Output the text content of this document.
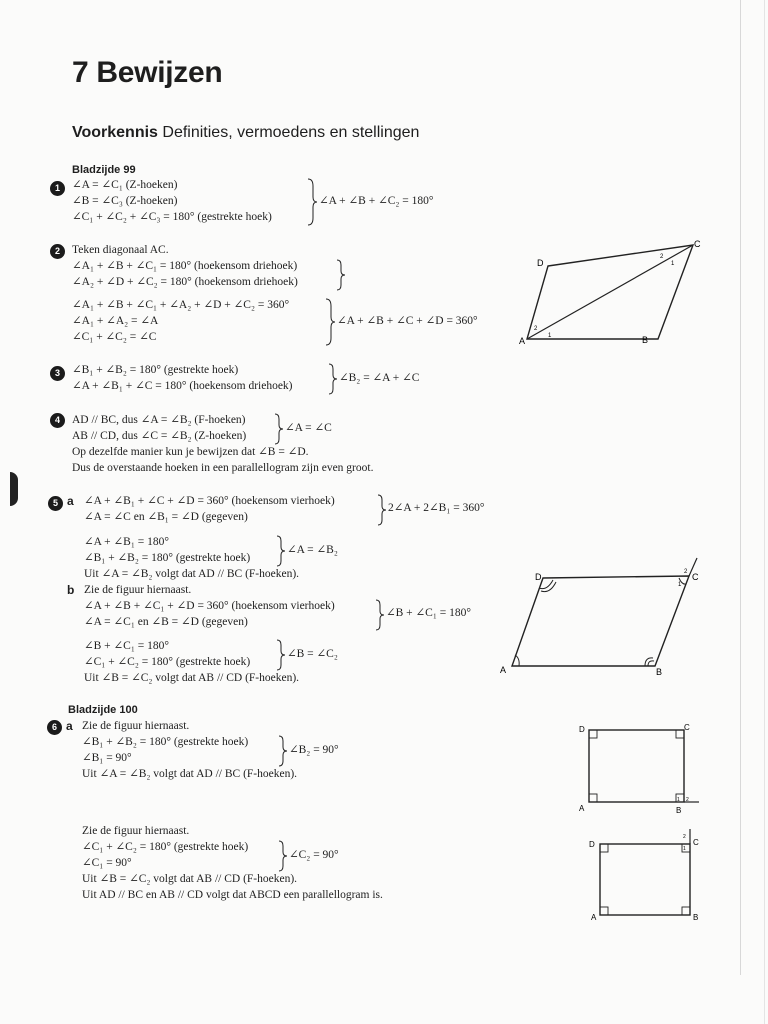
7 Bewijzen
Voorkennis Definities, vermoedens en stellingen
Bladzijde 99
1	∠A = ∠C₁ (Z-hoeken)
∠B = ∠C₃ (Z-hoeken)
∠C₁ + ∠C₂ + ∠C₃ = 180° (gestrekte hoek)
∠A + ∠B + ∠C₂ = 180°
2	Teken diagonaal AC.
∠A₁ + ∠B + ∠C₁ = 180° (hoekensom driehoek)
∠A₂ + ∠D + ∠C₂ = 180° (hoekensom driehoek)
∠A₁ + ∠B + ∠C₁ + ∠A₂ + ∠D + ∠C₂ = 360°
∠A₁ + ∠A₂ = ∠A
∠C₁ + ∠C₂ = ∠C
∠A + ∠B + ∠C + ∠D = 360°
D
C
A	B
2
1
2
1
3	∠B₁ + ∠B₂ = 180° (gestrekte hoek)
∠A + ∠B₁ + ∠C = 180° (hoekensom driehoek)
∠B₂ = ∠A + ∠C
4	AD // BC, dus ∠A = ∠B₂ (F-hoeken)
AB // CD, dus ∠C = ∠B₂ (Z-hoeken)
∠A = ∠C
Op dezelfde manier kun je bewijzen dat ∠B = ∠D.
Dus de overstaande hoeken in een parallellogram zijn even groot.
5 a ∠A + ∠B₁ + ∠C + ∠D = 360° (hoekensom vierhoek)
∠A = ∠C en ∠B₁ = ∠D (gegeven)
2∠A + 2∠B₁ = 360°
∠A + ∠B₁ = 180°
∠B₁ + ∠B₂ = 180° (gestrekte hoek)
∠A = ∠B₂
Uit ∠A = ∠B₂ volgt dat AD // BC (F-hoeken).
b Zie de figuur hiernaast.
∠A + ∠B + ∠C₁ + ∠D = 360° (hoekensom vierhoek)
∠A = ∠C₁ en ∠B = ∠D (gegeven)
∠B + ∠C₁ = 180°
∠B + ∠C₁ = 180°
∠C₁ + ∠C₂ = 180° (gestrekte hoek)
∠B = ∠C₂
Uit ∠B = ∠C₂ volgt dat AB // CD (F-hoeken).
D	C
A	B
2
1
Bladzijde 100
6 a Zie de figuur hiernaast.
∠B₁ + ∠B₂ = 180° (gestrekte hoek)
∠B₁ = 90°
∠B₂ = 90°
Uit ∠A = ∠B₂ volgt dat AD // BC (F-hoeken).
Zie de figuur hiernaast.
∠C₁ + ∠C₂ = 180° (gestrekte hoek)
∠C₁ = 90°
∠C₂ = 90°
Uit ∠B = ∠C₂ volgt dat AB // CD (F-hoeken).
Uit AD // BC en AB // CD volgt dat ABCD een parallellogram is.
D	C
A	B
1 2
D	C
A	B
2
1
